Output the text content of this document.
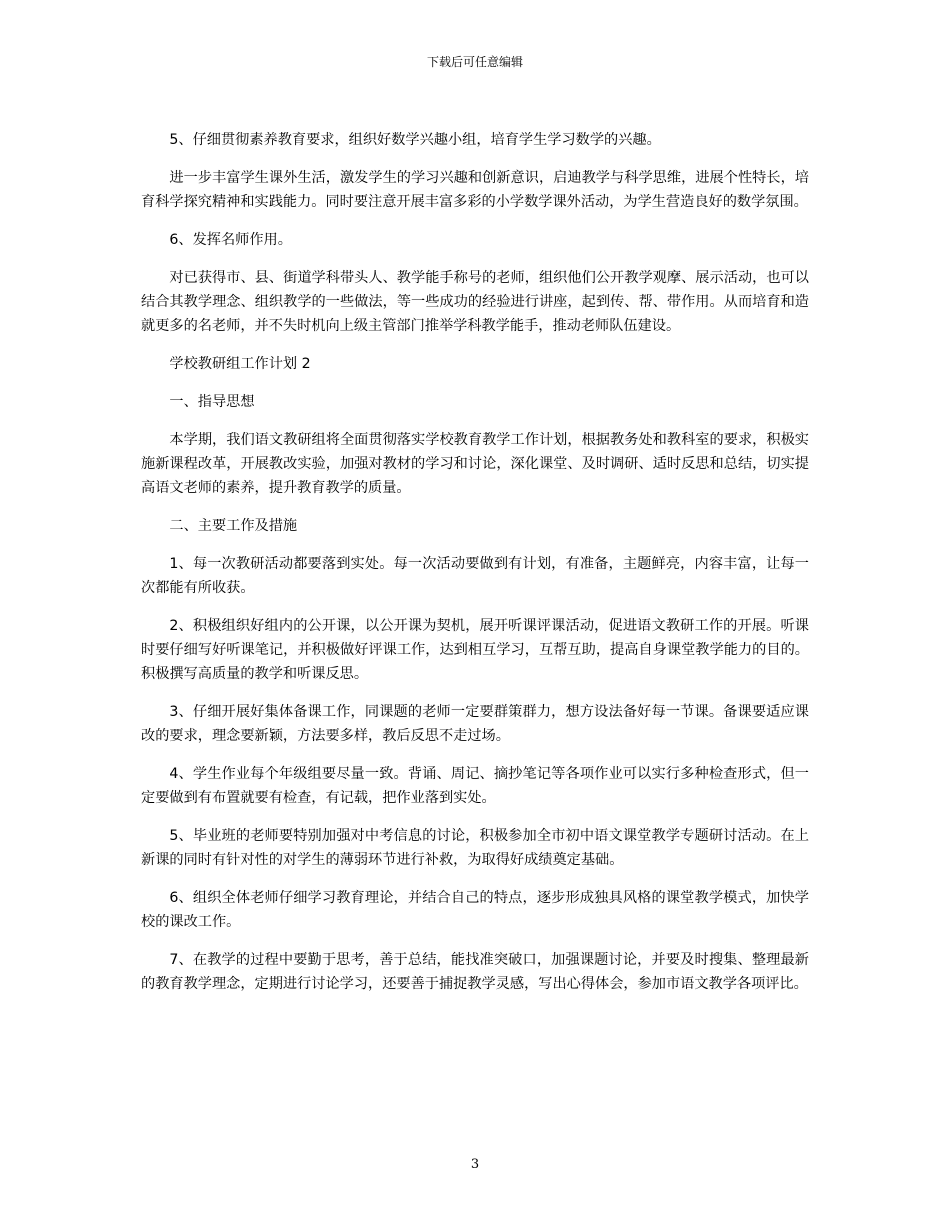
下载后可任意编辑

5、仔细贯彻素养教育要求，组织好数学兴趣小组，培育学生学习数学的兴趣。

进一步丰富学生课外生活，激发学生的学习兴趣和创新意识，启迪教学与科学思维，进展个性特长，培育科学探究精神和实践能力。同时要注意开展丰富多彩的小学数学课外活动，为学生营造良好的数学氛围。

6、发挥名师作用。

对已获得市、县、街道学科带头人、教学能手称号的老师，组织他们公开教学观摩、展示活动，也可以结合其教学理念、组织教学的一些做法，等一些成功的经验进行讲座，起到传、帮、带作用。从而培育和造就更多的名老师，并不失时机向上级主管部门推举学科教学能手，推动老师队伍建设。

学校教研组工作计划 2

一、指导思想

本学期，我们语文教研组将全面贯彻落实学校教育教学工作计划，根据教务处和教科室的要求，积极实施新课程改革，开展教改实验，加强对教材的学习和讨论，深化课堂、及时调研、适时反思和总结，切实提高语文老师的素养，提升教育教学的质量。

二、主要工作及措施

1、每一次教研活动都要落到实处。每一次活动要做到有计划，有准备，主题鲜亮，内容丰富，让每一次都能有所收获。

2、积极组织好组内的公开课，以公开课为契机，展开听课评课活动，促进语文教研工作的开展。听课时要仔细写好听课笔记，并积极做好评课工作，达到相互学习，互帮互助，提高自身课堂教学能力的目的。积极撰写高质量的教学和听课反思。

3、仔细开展好集体备课工作，同课题的老师一定要群策群力，想方设法备好每一节课。备课要适应课改的要求，理念要新颖，方法要多样，教后反思不走过场。

4、学生作业每个年级组要尽量一致。背诵、周记、摘抄笔记等各项作业可以实行多种检查形式，但一定要做到有布置就要有检查，有记载，把作业落到实处。

5、毕业班的老师要特别加强对中考信息的讨论，积极参加全市初中语文课堂教学专题研讨活动。在上新课的同时有针对性的对学生的薄弱环节进行补救，为取得好成绩奠定基础。

6、组织全体老师仔细学习教育理论，并结合自己的特点，逐步形成独具风格的课堂教学模式，加快学校的课改工作。

7、在教学的过程中要勤于思考，善于总结，能找准突破口，加强课题讨论，并要及时搜集、整理最新的教育教学理念，定期进行讨论学习，还要善于捕捉教学灵感，写出心得体会，参加市语文教学各项评比。

3
